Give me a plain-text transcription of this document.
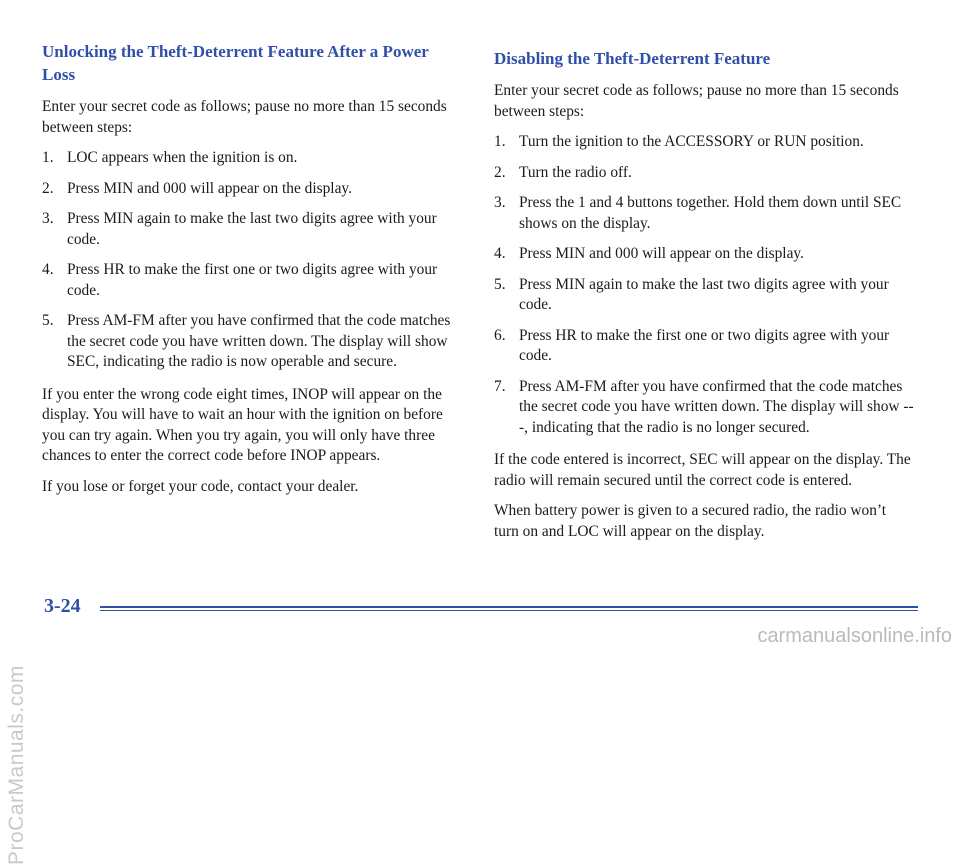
Unlocking the Theft-Deterrent Feature After a Power Loss

Enter your secret code as follows; pause no more than 15 seconds between steps:

1. LOC appears when the ignition is on.
2. Press MIN and 000 will appear on the display.
3. Press MIN again to make the last two digits agree with your code.
4. Press HR to make the first one or two digits agree with your code.
5. Press AM-FM after you have confirmed that the code matches the secret code you have written down. The display will show SEC, indicating the radio is now operable and secure.

If you enter the wrong code eight times, INOP will appear on the display. You will have to wait an hour with the ignition on before you can try again. When you try again, you will only have three chances to enter the correct code before INOP appears.

If you lose or forget your code, contact your dealer.

Disabling the Theft-Deterrent Feature

Enter your secret code as follows; pause no more than 15 seconds between steps:

1. Turn the ignition to the ACCESSORY or RUN position.
2. Turn the radio off.
3. Press the 1 and 4 buttons together. Hold them down until SEC shows on the display.
4. Press MIN and 000 will appear on the display.
5. Press MIN again to make the last two digits agree with your code.
6. Press HR to make the first one or two digits agree with your code.
7. Press AM-FM after you have confirmed that the code matches the secret code you have written down. The display will show ---, indicating that the radio is no longer secured.

If the code entered is incorrect, SEC will appear on the display. The radio will remain secured until the correct code is entered.

When battery power is given to a secured radio, the radio won’t turn on and LOC will appear on the display.

ProCarManuals.com
3-24
carmanualsonline.info
